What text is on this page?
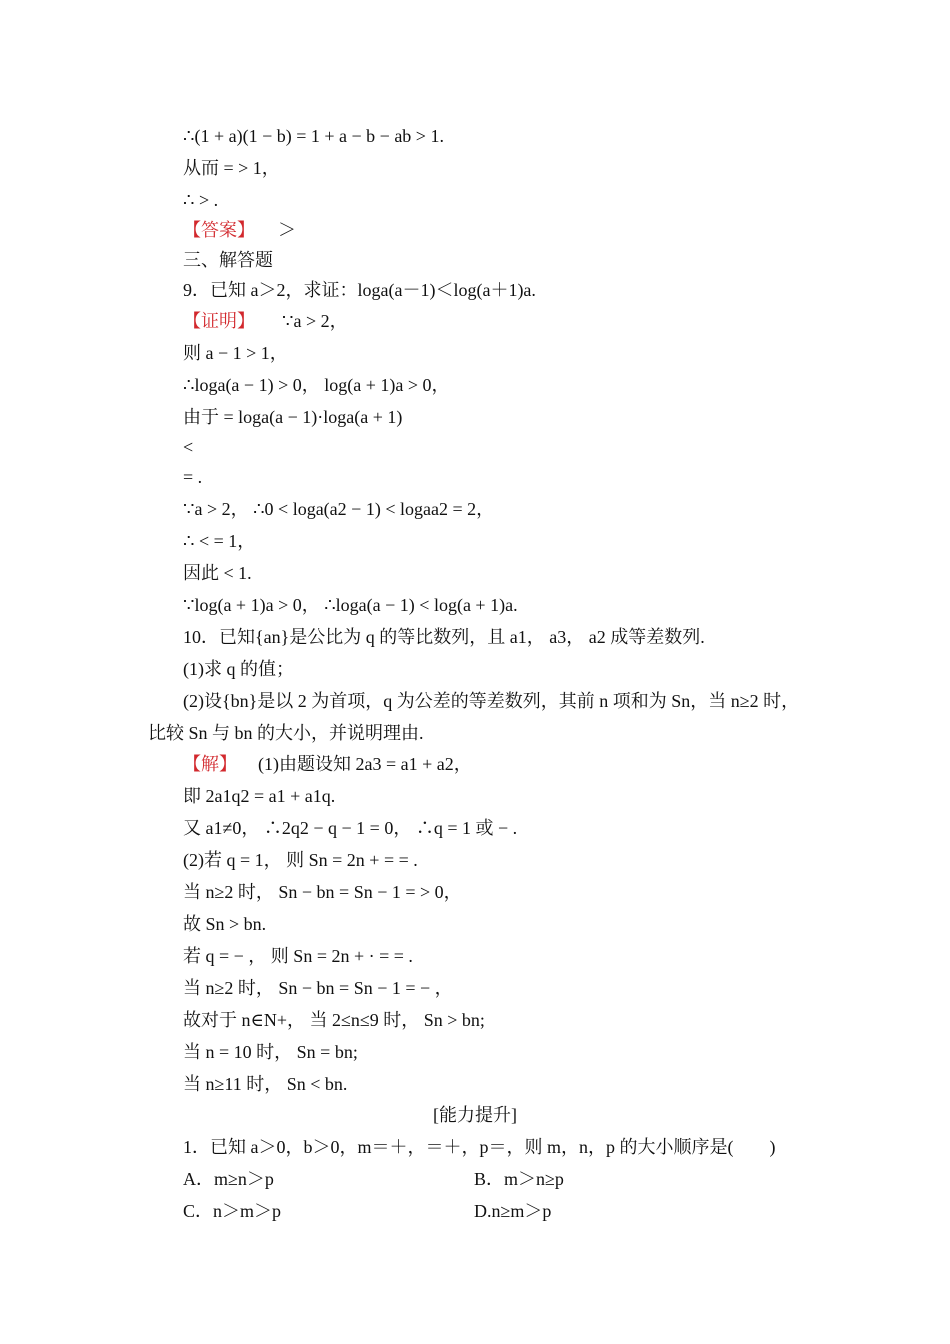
∴(1 + a)(1 − b) = 1 + a − b − ab > 1.
从而 = > 1，
∴ > .
【答案】 ＞
三、解答题
9．已知 a＞2，求证：loga(a－1)＜log(a＋1)a.
【证明】 ∵a > 2，
则 a − 1 > 1，
∴loga(a − 1) > 0， log(a + 1)a > 0，
由于 = loga(a − 1)·loga(a + 1)
<
= .
∵a > 2， ∴0 < loga(a2 − 1) < logaa2 = 2，
∴ < = 1，
因此 < 1.
∵log(a + 1)a > 0， ∴loga(a − 1) < log(a + 1)a.
10．已知{an}是公比为 q 的等比数列，且 a1， a3， a2 成等差数列.
(1)求 q 的值；
(2)设{bn}是以 2 为首项，q 为公差的等差数列，其前 n 项和为 Sn，当 n≥2 时，
比较 Sn 与 bn 的大小，并说明理由.
【解】 (1)由题设知 2a3 = a1 + a2，
即 2a1q2 = a1 + a1q.
又 a1≠0， ∴2q2 − q − 1 = 0， ∴q = 1 或 − .
(2)若 q = 1， 则 Sn = 2n + = = .
当 n≥2 时， Sn − bn = Sn − 1 = > 0，
故 Sn > bn.
若 q = − ， 则 Sn = 2n + · = = .
当 n≥2 时， Sn − bn = Sn − 1 = − ，
故对于 n∈N+， 当 2≤n≤9 时， Sn > bn;
当 n = 10 时， Sn = bn;
当 n≥11 时， Sn < bn.
[能力提升]
1．已知 a＞0，b＞0，m＝＋，＝＋，p＝，则 m，n，p 的大小顺序是(　　)
A．m≥n＞p	B．m＞n≥p
C．n＞m＞p	D.n≥m＞p
